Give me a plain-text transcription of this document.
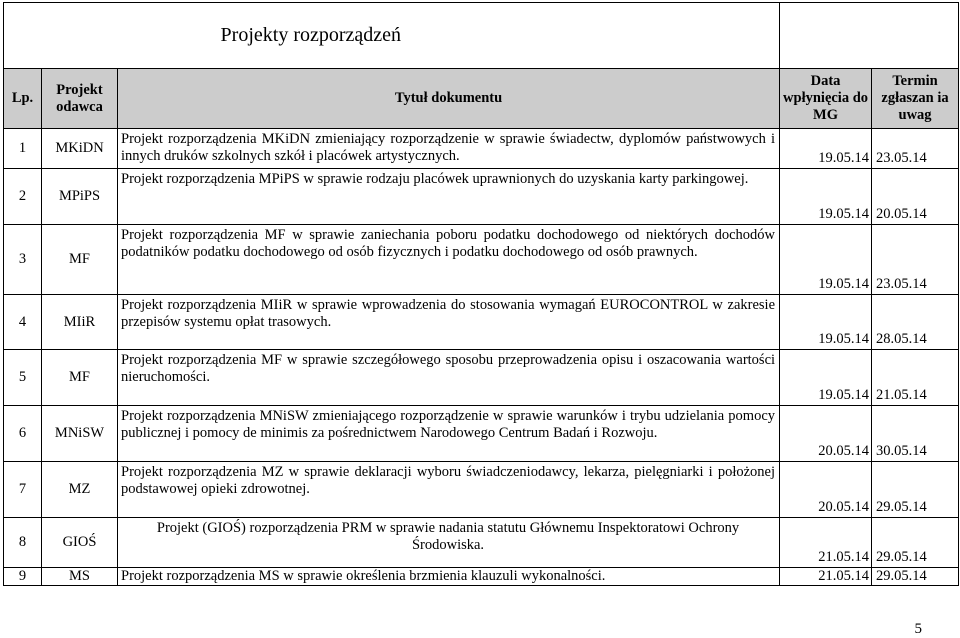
Projekty rozporządzeń				
Lp.	Projekt odawca	Tytuł dokumentu	Data wpłynięcia do MG	Termin zgłaszan ia uwag
1	MKiDN	Projekt rozporządzenia MKiDN zmieniający rozporządzenie w sprawie świadectw, dyplomów państwowych i innych druków szkolnych szkół i placówek artystycznych.	19.05.14	23.05.14
2	MPiPS	Projekt rozporządzenia MPiPS w sprawie rodzaju placówek uprawnionych do uzyskania karty parkingowej.	19.05.14	20.05.14
3	MF	Projekt rozporządzenia MF w sprawie zaniechania poboru podatku dochodowego od niektórych dochodów podatników podatku dochodowego od osób fizycznych i podatku dochodowego od osób prawnych.	19.05.14	23.05.14
4	MIiR	Projekt rozporządzenia MIiR w sprawie wprowadzenia do stosowania wymagań EUROCONTROL w zakresie przepisów systemu opłat trasowych.	19.05.14	28.05.14
5	MF	Projekt rozporządzenia MF w sprawie szczegółowego sposobu przeprowadzenia opisu i oszacowania wartości nieruchomości.	19.05.14	21.05.14
6	MNiSW	Projekt rozporządzenia MNiSW zmieniającego rozporządzenie w sprawie warunków i trybu udzielania pomocy publicznej i pomocy de minimis za pośrednictwem Narodowego Centrum Badań i Rozwoju.	20.05.14	30.05.14
7	MZ	Projekt rozporządzenia MZ w sprawie deklaracji wyboru świadczeniodawcy, lekarza, pielęgniarki i położonej podstawowej opieki zdrowotnej.	20.05.14	29.05.14
8	GIOŚ	Projekt (GIOŚ) rozporządzenia PRM w sprawie nadania statutu Głównemu Inspektoratowi Ochrony Środowiska.	21.05.14	29.05.14
9	MS	Projekt rozporządzenia MS w sprawie określenia brzmienia klauzuli wykonalności.	21.05.14	29.05.14
5
